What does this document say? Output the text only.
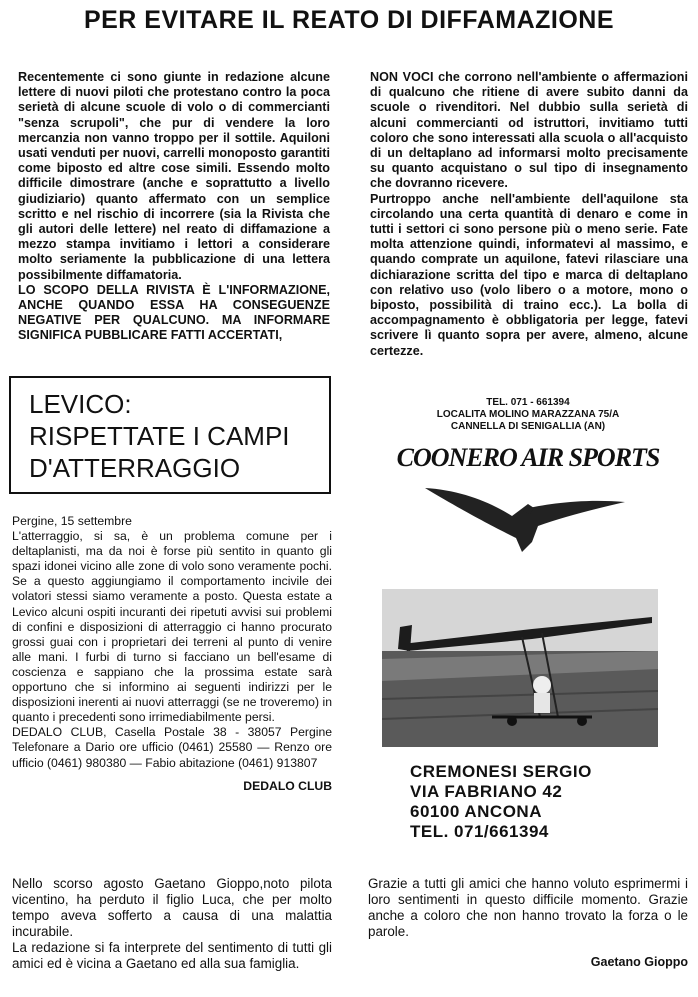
PER EVITARE IL REATO DI DIFFAMAZIONE

Recentemente ci sono giunte in redazione alcune lettere di nuovi piloti che protestano contro la poca serietà di alcune scuole di volo o di commercianti "senza scrupoli", che pur di vendere la loro mercanzia non vanno troppo per il sottile. Aquiloni usati venduti per nuovi, carrelli monoposto garantiti come biposto ed altre cose simili. Essendo molto difficile dimostrare (anche e soprattutto a livello giudiziario) quanto affermato con un semplice scritto e nel rischio di incorrere (sia la Rivista che gli autori delle lettere) nel reato di diffamazione a mezzo stampa invitiamo i lettori a considerare molto seriamente la pubblicazione di una lettera possibilmente diffamatoria.

LO SCOPO DELLA RIVISTA È L'INFORMAZIONE, ANCHE QUANDO ESSA HA CONSEGUENZE NEGATIVE PER QUALCUNO. MA INFORMARE SIGNIFICA PUBBLICARE FATTI ACCERTATI,

NON VOCI che corrono nell'ambiente o affermazioni di qualcuno che ritiene di avere subito danni da scuole o rivenditori. Nel dubbio sulla serietà di alcuni commercianti od istruttori, invitiamo tutti coloro che sono interessati alla scuola o all'acquisto di un deltaplano ad informarsi molto precisamente su quanto acquistano o sul tipo di insegnamento che dovranno ricevere.

Purtroppo anche nell'ambiente dell'aquilone sta circolando una certa quantità di denaro e come in tutti i settori ci sono persone più o meno serie. Fate molta attenzione quindi, informatevi al massimo, e quando comprate un aquilone, fatevi rilasciare una dichiarazione scritta del tipo e marca di deltaplano con relativo uso (volo libero o a motore, mono o biposto, possibilità di traino ecc.). La bolla di accompagnamento è obbligatoria per legge, fatevi scrivere lì quanto sopra per avere, almeno, alcune certezze.

LEVICO:
RISPETTATE I CAMPI
D'ATTERRAGGIO

Pergine, 15 settembre

L'atterraggio, si sa, è un problema comune per i deltaplanisti, ma da noi è forse più sentito in quanto gli spazi idonei vicino alle zone di volo sono veramente pochi. Se a questo aggiungiamo il comportamento incivile dei volatori stessi siamo veramente a posto. Questa estate a Levico alcuni ospiti incuranti dei ripetuti avvisi sui problemi di confini e disposizioni di atterraggio ci hanno procurato grossi guai con i proprietari dei terreni al punto di venire alle mani. I furbi di turno si facciano un bell'esame di coscienza e sappiano che la prossima estate sarà opportuno che si informino ai seguenti indirizzi per le disposizioni inerenti ai nuovi atterraggi (se ne troveremo) in quanto i precedenti sono irrimediabilmente persi.

DEDALO CLUB, Casella Postale 38 - 38057 Pergine Telefonare a Dario ore ufficio (0461) 25580 — Renzo ore ufficio (0461) 980380 — Fabio abitazione (0461) 913807

DEDALO CLUB

TEL. 071 - 661394
LOCALITA MOLINO MARAZZANA 75/A
CANNELLA DI SENIGALLIA (AN)
COONERO AIR SPORTS
CREMONESI SERGIO
VIA FABRIANO 42
60100 ANCONA
TEL. 071/661394

Nello scorso agosto Gaetano Gioppo,noto pilota vicentino, ha perduto il figlio Luca, che per molto tempo aveva sofferto a causa di una malattia incurabile.

La redazione si fa interprete del sentimento di tutti gli amici ed è vicina a Gaetano ed alla sua famiglia.

Grazie a tutti gli amici che hanno voluto esprimermi i loro sentimenti in questo difficile momento. Grazie anche a coloro che non hanno trovato la forza o le parole.

Gaetano Gioppo
